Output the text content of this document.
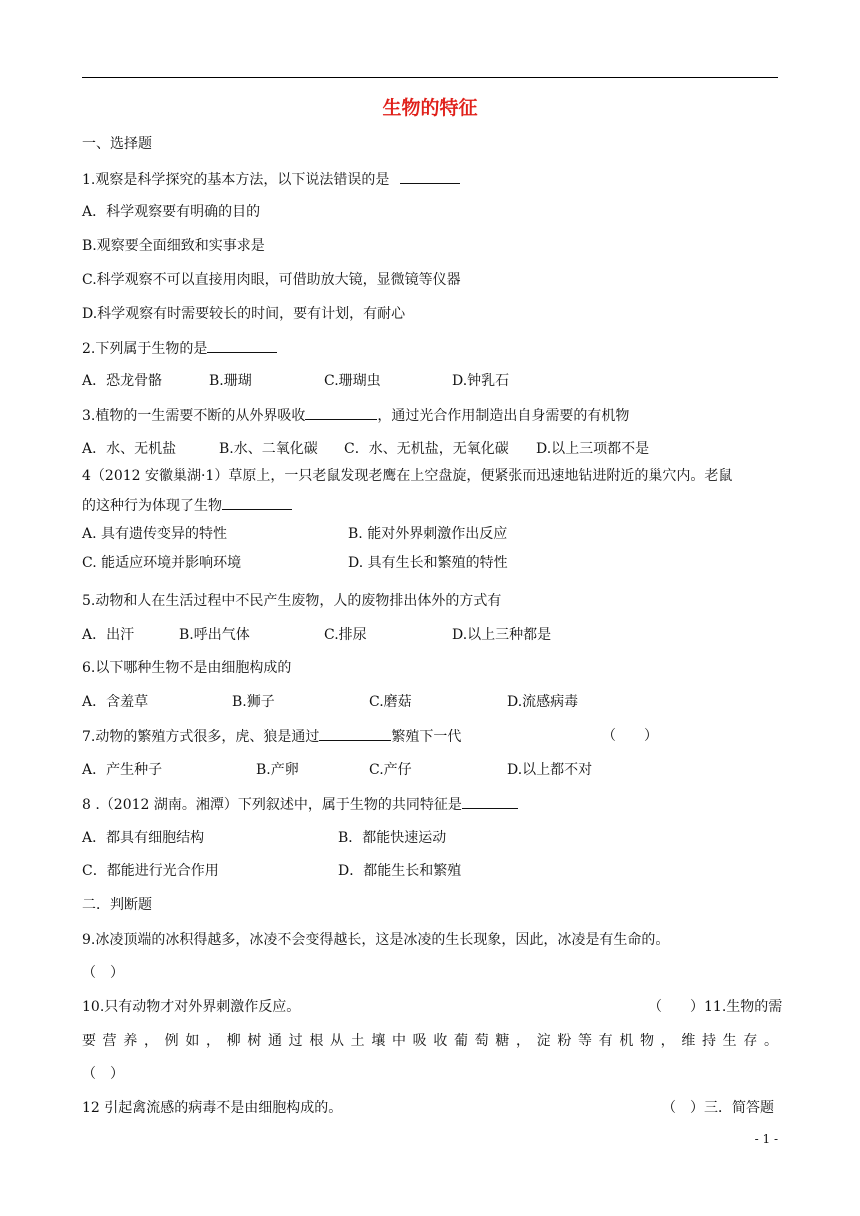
生物的特征
一、选择题
1.观察是科学探究的基本方法，以下说法错误的是
A．科学观察要有明确的目的
B.观察要全面细致和实事求是
C.科学观察不可以直接用肉眼，可借助放大镜，显微镜等仪器
D.科学观察有时需要较长的时间，要有计划，有耐心
2.下列属于生物的是
A．恐龙骨骼	B.珊瑚	C.珊瑚虫	D.钟乳石
3.植物的一生需要不断的从外界吸收	，通过光合作用制造出自身需要的有机物
A．水、无机盐	B.水、二氧化碳 C．水、无机盐，无氧化碳 D.以上三项都不是
4（2012 安徽巢湖·1）草原上，一只老鼠发现老鹰在上空盘旋，便紧张而迅速地钻进附近的巢穴内。老鼠
的这种行为体现了生物
A. 具有遗传变异的特性	B. 能对外界刺激作出反应
C. 能适应环境并影响环境	D. 具有生长和繁殖的特性
5.动物和人在生活过程中不民产生废物，人的废物排出体外的方式有
A．出汗	B.呼出气体	C.排尿	D.以上三种都是
6.以下哪种生物不是由细胞构成的
A．含羞草	B.狮子	C.磨菇	D.流感病毒
7.动物的繁殖方式很多，虎、狼是通过	繁殖下一代	（　　）
A．产生种子	B.产卵	C.产仔	D.以上都不对
8 .（2012 湖南。湘潭）下列叙述中，属于生物的共同特征是
A．都具有细胞结构	B．都能快速运动
C．都能进行光合作用	D．都能生长和繁殖
二．判断题
9.冰凌顶端的冰积得越多，冰凌不会变得越长，这是冰凌的生长现象，因此，冰凌是有生命的。
（　）
10.只有动物才对外界刺激作反应。	（　　）11.生物的需
要营养，例如，柳树通过根从土壤中吸收葡萄糖，淀粉等有机物，维持生存。
（　）
12 引起禽流感的病毒不是由细胞构成的。	（　）三．简答题
- 1 -
